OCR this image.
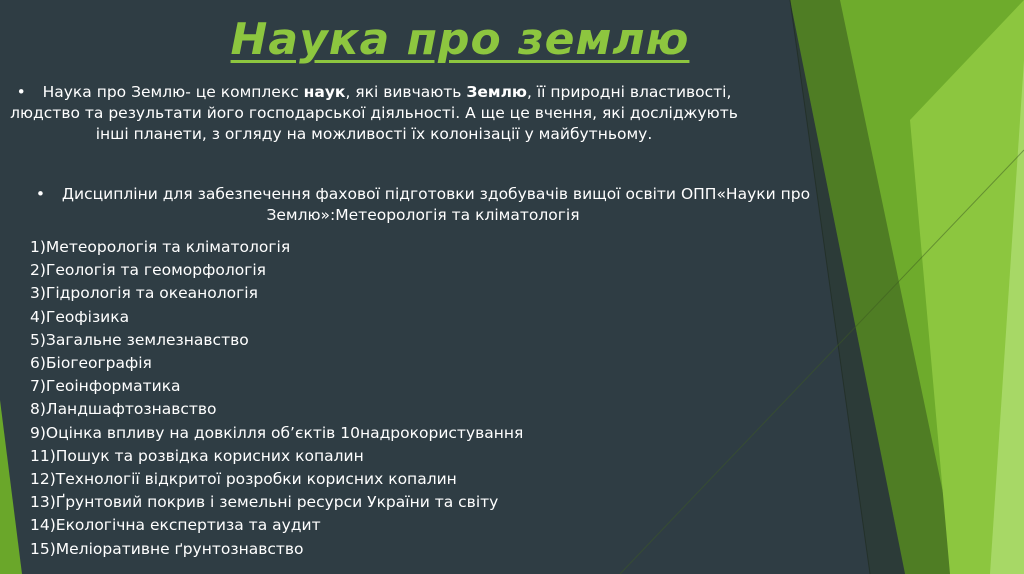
Наука про землю
• Наука про Землю- це комплекс наук, які вивчають Землю, її природні властивості, людство та результати його господарської діяльності. А ще це вчення, які досліджують інші планети, з огляду на можливості їх колонізації у майбутньому.
• Дисципліни для забезпечення фахової підготовки здобувачів вищої освіти ОПП«Науки про Землю»:Метеорологія та кліматологія
1)Метеорологія та кліматологія
2)Геологія та геоморфологія
3)Гідрологія та океанологія
4)Геофізика
5)Загальне землезнавство
6)Біогеографія
7)Геоінформатика
8)Ландшафтознавство
9)Оцінка впливу на довкілля об’єктів 10надрокористування
11)Пошук та розвідка корисних копалин
12)Технології відкритої розробки корисних копалин
13)Ґрунтовий покрив і земельні ресурси України та світу
14)Екологічна експертиза та аудит
15)Меліоративне ґрунтознавство
